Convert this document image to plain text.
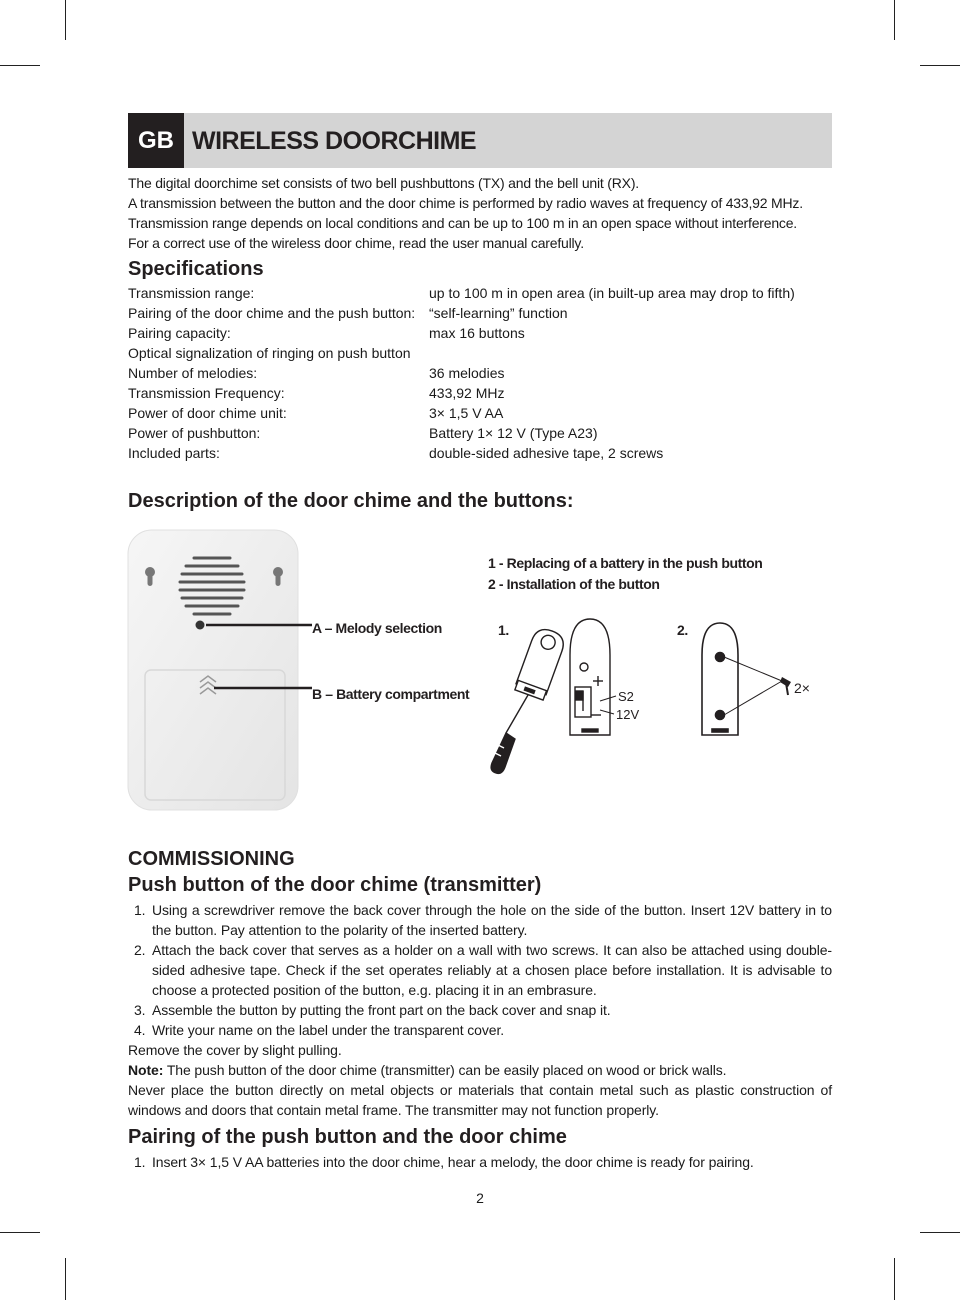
GB WIRELESS DOORCHIME
The digital doorchime set consists of two bell pushbuttons (TX) and the bell unit (RX).
A transmission between the button and the door chime is performed by radio waves at frequency of 433,92 MHz.
Transmission range depends on local conditions and can be up to 100 m in an open space without interference.
For a correct use of the wireless door chime, read the user manual carefully.
Specifications
Transmission range:	up to 100 m in open area (in built-up area may drop to fifth)
Pairing of the door chime and the push button: “self-learning” function
Pairing capacity:	max 16 buttons
Optical signalization of ringing on push button
Number of melodies:	36 melodies
Transmission Frequency:	433,92 MHz
Power of door chime unit:	3× 1,5 V AA
Power of pushbutton:	Battery 1× 12 V (Type A23)
Included parts:	double-sided adhesive tape, 2 screws
Description of the door chime and the buttons:
A – Melody selection
B – Battery compartment
1 - Replacing of a battery in the push button
2 - Installation of the button
1.	2.
S2
12V
2×
COMMISSIONING
Push button of the door chime (transmitter)
1. Using a screwdriver remove the back cover through the hole on the side of the button. Insert 12V battery in to the button. Pay attention to the polarity of the inserted battery.
2. Attach the back cover that serves as a holder on a wall with two screws. It can also be attached using double-sided adhesive tape. Check if the set operates reliably at a chosen place before installation. It is advisable to choose a protected position of the button, e.g. placing it in an embrasure.
3. Assemble the button by putting the front part on the back cover and snap it.
4. Write your name on the label under the transparent cover.
Remove the cover by slight pulling.
Note: The push button of the door chime (transmitter) can be easily placed on wood or brick walls.
Never place the button directly on metal objects or materials that contain metal such as plastic construction of windows and doors that contain metal frame. The transmitter may not function properly.
Pairing of the push button and the door chime
1. Insert 3× 1,5 V AA batteries into the door chime, hear a melody, the door chime is ready for pairing.
2
